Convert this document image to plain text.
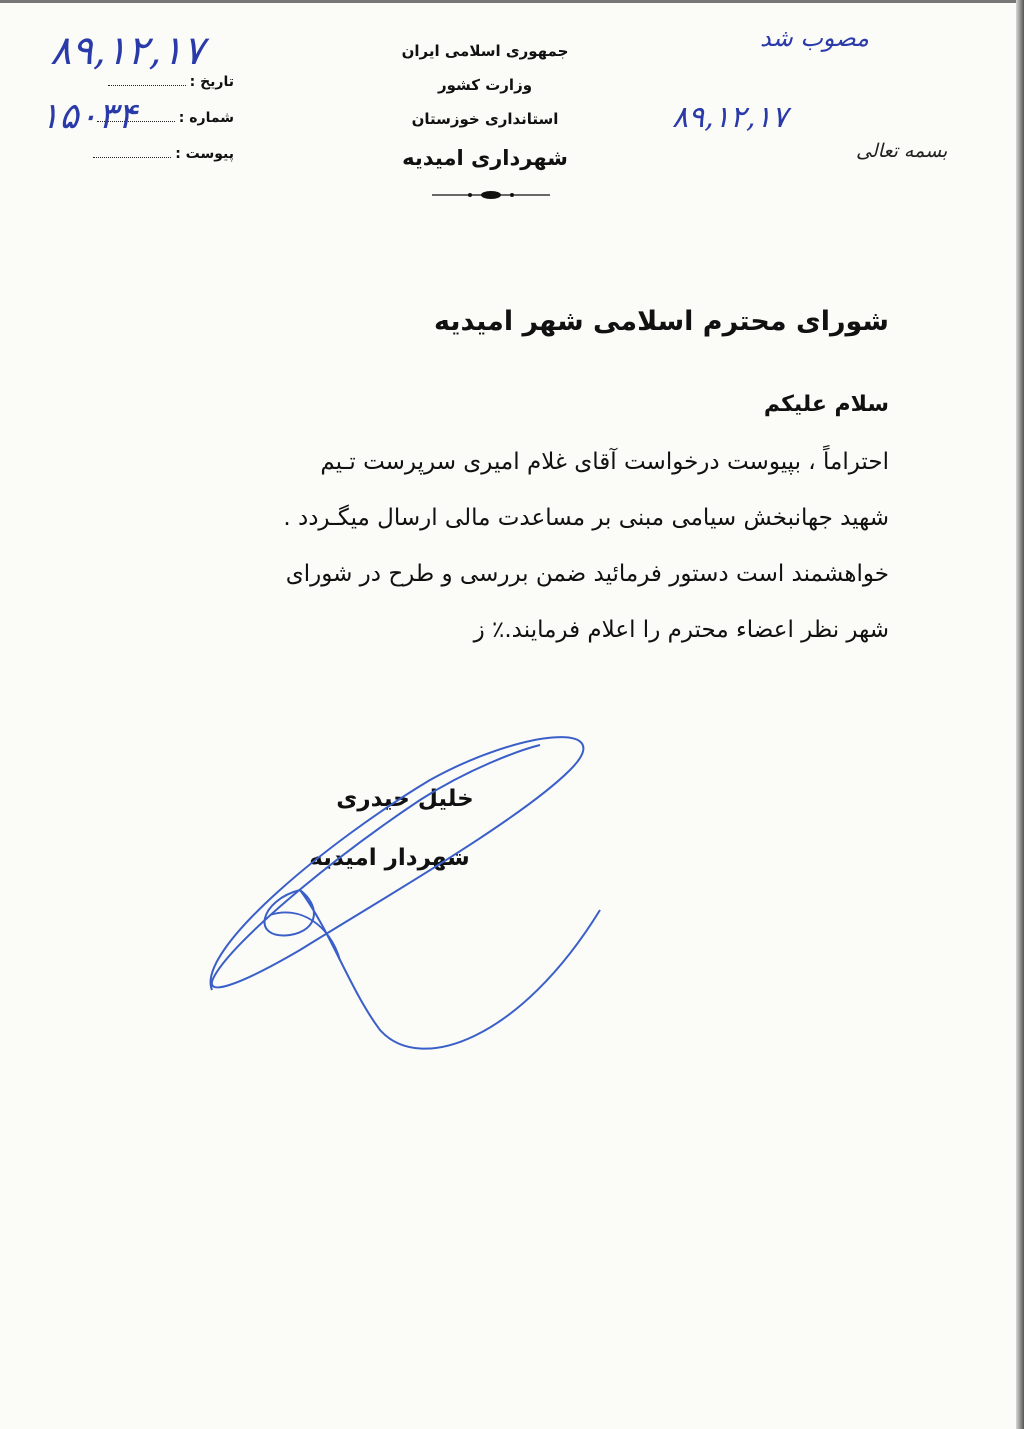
جمهوری اسلامی ایران
وزارت کشور
استانداری خوزستان
شهرداری امیدیه
تاریخ :
شماره :
پیوست :
۸۹,۱۲,۱۷
۱۵۰۳۴
مصوب شد
۸۹,۱۲,۱۷
بسمه تعالی
شورای محترم اسلامی شهر امیدیه
سلام علیکم
احتراماً ، بپیوست درخواست آقای غلام امیری سرپرست تـیم
شهید جهانبخش سیامی مبنی بر مساعدت مالی ارسال میگـردد .
خواهشمند است دستور فرمائید ضمن بررسی و طرح در شورای
شهر نظر اعضاء محترم را اعلام فرمایند.٪ ز
خلیل حیدری
شهردار امیدیه
